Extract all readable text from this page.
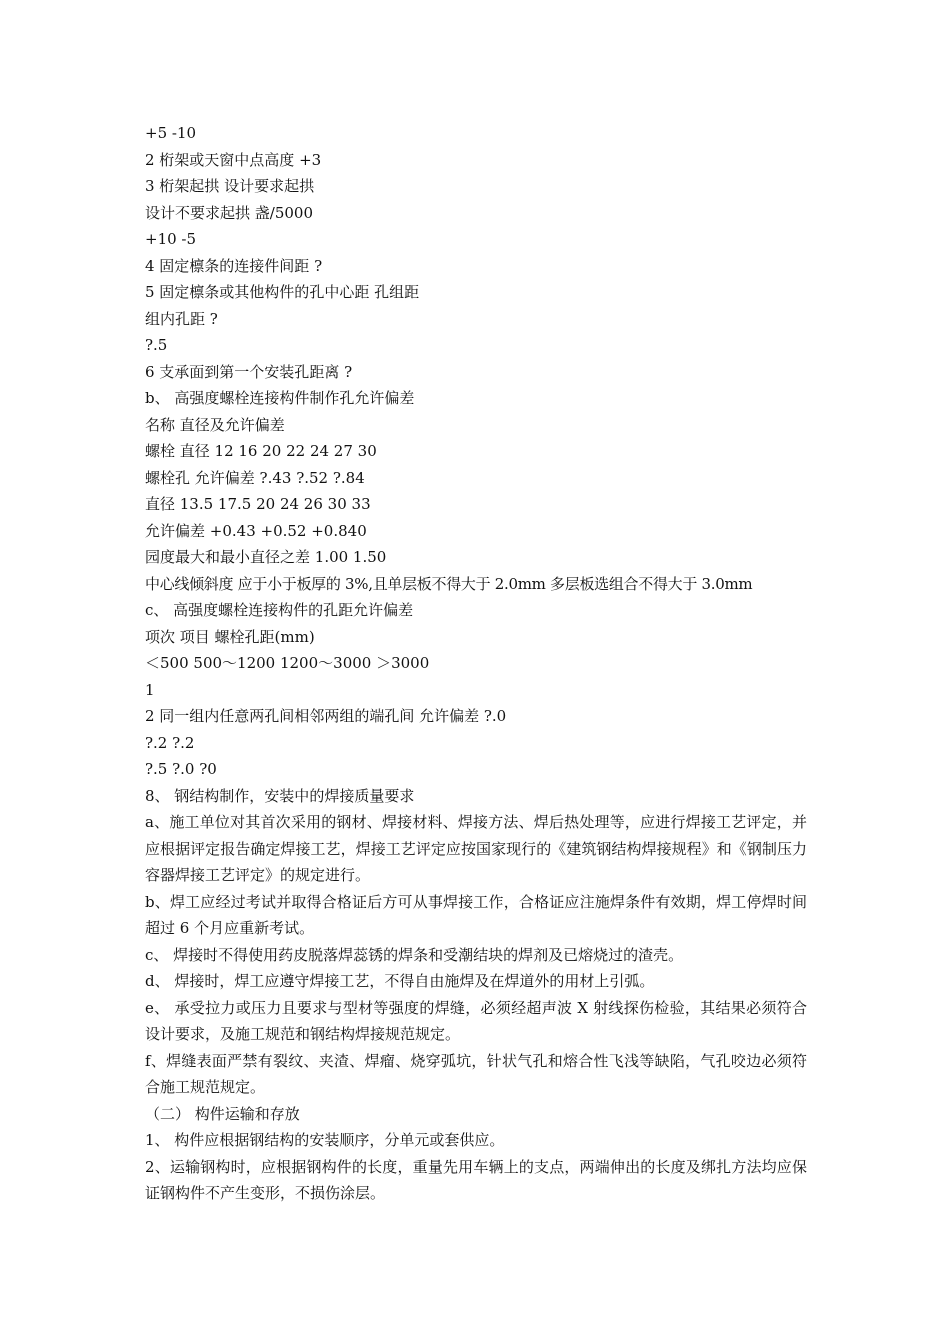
+5 -10
2 桁架或天窗中点高度 +3
3 桁架起拱 设计要求起拱
设计不要求起拱 盏/5000
+10 -5
4 固定檩条的连接件间距 ?
5 固定檩条或其他构件的孔中心距 孔组距
组内孔距 ?
?.5
6 支承面到第一个安装孔距离 ?
b、 高强度螺栓连接构件制作孔允许偏差
名称 直径及允许偏差
螺栓 直径 12 16 20 22 24 27 30
螺栓孔 允许偏差 ?.43 ?.52 ?.84
直径 13.5 17.5 20 24 26 30 33
允许偏差 +0.43 +0.52 +0.840
园度最大和最小直径之差 1.00 1.50
中心线倾斜度 应于小于板厚的 3%,且单层板不得大于 2.0mm 多层板选组合不得大于 3.0mm
c、 高强度螺栓连接构件的孔距允许偏差
项次 项目 螺栓孔距(mm)
＜500 500～1200 1200～3000 ＞3000
1
2 同一组内任意两孔间相邻两组的端孔间 允许偏差 ?.0
?.2 ?.2
?.5 ?.0 ?0
8、 钢结构制作，安装中的焊接质量要求
a、施工单位对其首次采用的钢材、焊接材料、焊接方法、焊后热处理等，应进行焊接工艺评定，并应根据评定报告确定焊接工艺，焊接工艺评定应按国家现行的《建筑钢结构焊接规程》和《钢制压力容器焊接工艺评定》的规定进行。
b、焊工应经过考试并取得合格证后方可从事焊接工作，合格证应注施焊条件有效期，焊工停焊时间超过 6 个月应重新考试。
c、 焊接时不得使用药皮脱落焊蕊锈的焊条和受潮结块的焊剂及已熔烧过的渣壳。
d、 焊接时，焊工应遵守焊接工艺，不得自由施焊及在焊道外的用材上引弧。
e、 承受拉力或压力且要求与型材等强度的焊缝，必须经超声波 X 射线探伤检验，其结果必须符合设计要求，及施工规范和钢结构焊接规范规定。
f、焊缝表面严禁有裂纹、夹渣、焊瘤、烧穿弧坑，针状气孔和熔合性飞浅等缺陷，气孔咬边必须符合施工规范规定。
（二） 构件运输和存放
1、 构件应根据钢结构的安装顺序，分单元或套供应。
2、运输钢构时，应根据钢构件的长度，重量先用车辆上的支点，两端伸出的长度及绑扎方法均应保证钢构件不产生变形，不损伤涂层。
